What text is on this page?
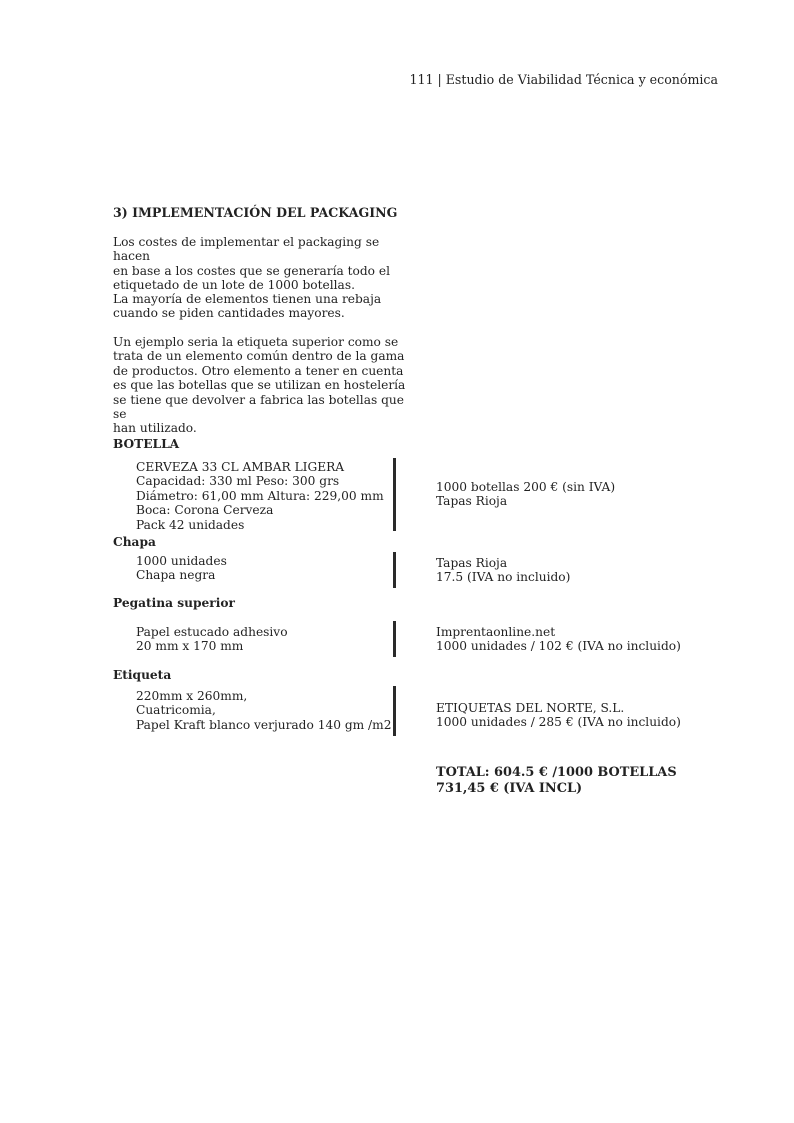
111 | Estudio de Viabilidad Técnica y económica
3) IMPLEMENTACIÓN DEL PACKAGING
Los costes de implementar el packaging se hacen
en base a los costes que se generaría todo el
etiquetado de un lote de 1000 botellas.
La mayoría de elementos tienen una rebaja
cuando se piden cantidades mayores.
Un ejemplo seria la etiqueta superior como se
trata de un elemento común dentro de la gama
de productos. Otro elemento a tener en cuenta
es que las botellas que se utilizan en hostelería
se tiene que devolver a fabrica las botellas que se
han utilizado.
BOTELLA
CERVEZA 33 CL AMBAR LIGERA
Capacidad: 330 ml Peso: 300 grs
Diámetro: 61,00 mm Altura: 229,00 mm
Boca: Corona Cerveza
Pack 42 unidades
1000 botellas 200 € (sin IVA)
Tapas Rioja
Chapa
1000 unidades
Chapa negra
Tapas Rioja
17.5 (IVA no incluido)
Pegatina superior
Papel estucado adhesivo
20 mm x 170 mm
Imprentaonline.net
1000 unidades / 102 € (IVA no incluido)
Etiqueta
220mm x 260mm,
Cuatricomia,
Papel Kraft blanco verjurado 140 gm /m2
ETIQUETAS DEL NORTE, S.L.
1000 unidades / 285 € (IVA no incluido)
TOTAL: 604.5 € /1000 BOTELLAS
731,45 € (IVA INCL)
